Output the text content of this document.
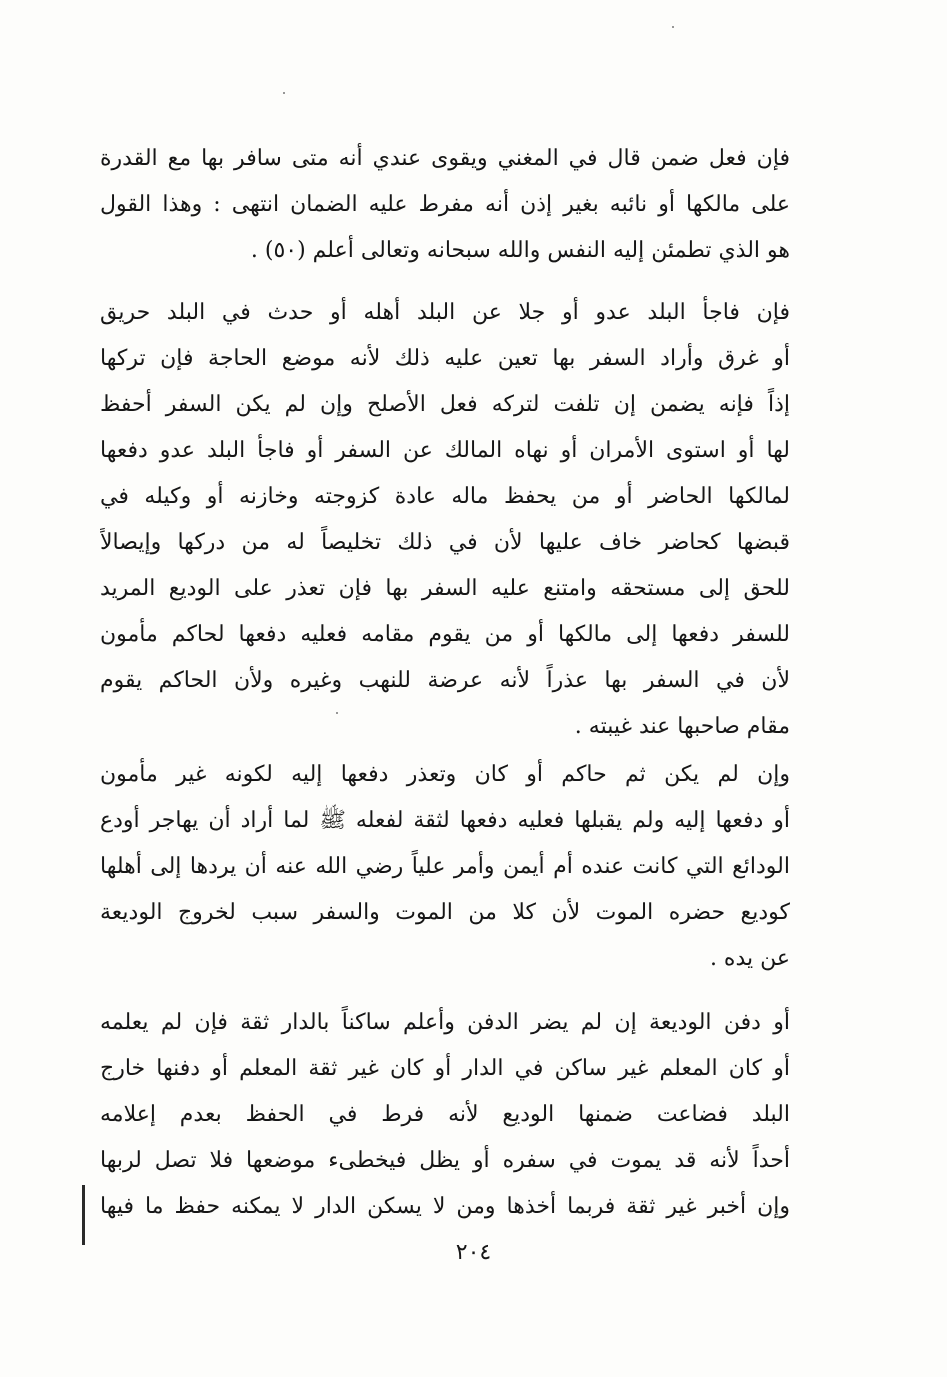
فإن فعل ضمن قال في المغني ويقوى عندي أنه متى سافر بها مع القدرة
على مالكها أو نائبه بغير إذن أنه مفرط عليه الضمان انتهى : وهذا القول
هو الذي تطمئن إليه النفس والله سبحانه وتعالى أعلم (٥٠) .
فإن فاجأ البلد عدو أو جلا عن البلد أهله أو حدث في البلد حريق
أو غرق وأراد السفر بها تعين عليه ذلك لأنه موضع الحاجة فإن تركها
إذاً فإنه يضمن إن تلفت لتركه فعل الأصلح وإن لم يكن السفر أحفظ
لها أو استوى الأمران أو نهاه المالك عن السفر أو فاجأ البلد عدو دفعها
لمالكها الحاضر أو من يحفظ ماله عادة كزوجته وخازنه أو وكيله في
قبضها كحاضر خاف عليها لأن في ذلك تخليصاً له من دركها وإيصالاً
للحق إلى مستحقه وامتنع عليه السفر بها فإن تعذر على الوديع المريد
للسفر دفعها إلى مالكها أو من يقوم مقامه فعليه دفعها لحاكم مأمون
لأن في السفر بها عذراً لأنه عرضة للنهب وغيره ولأن الحاكم يقوم
مقام صاحبها عند غيبته .
وإن لم يكن ثم حاكم أو كان وتعذر دفعها إليه لكونه غير مأمون
أو دفعها إليه ولم يقبلها فعليه دفعها لثقة لفعله ﷺ لما أراد أن يهاجر أودع
الودائع التي كانت عنده أم أيمن وأمر علياً رضي الله عنه أن يردها إلى أهلها
كوديع حضره الموت لأن كلا من الموت والسفر سبب لخروج الوديعة
عن يده .
أو دفن الوديعة إن لم يضر الدفن وأعلم ساكناً بالدار ثقة فإن لم يعلمه
أو كان المعلم غير ساكن في الدار أو كان غير ثقة المعلم أو دفنها خارج
البلد فضاعت ضمنها الوديع لأنه فرط في الحفظ بعدم إعلامه
أحداً لأنه قد يموت في سفره أو يظل فيخطىء موضعها فلا تصل لربها
وإن أخبر غير ثقة فربما أخذها ومن لا يسكن الدار لا يمكنه حفظ ما فيها
٢٠٤
